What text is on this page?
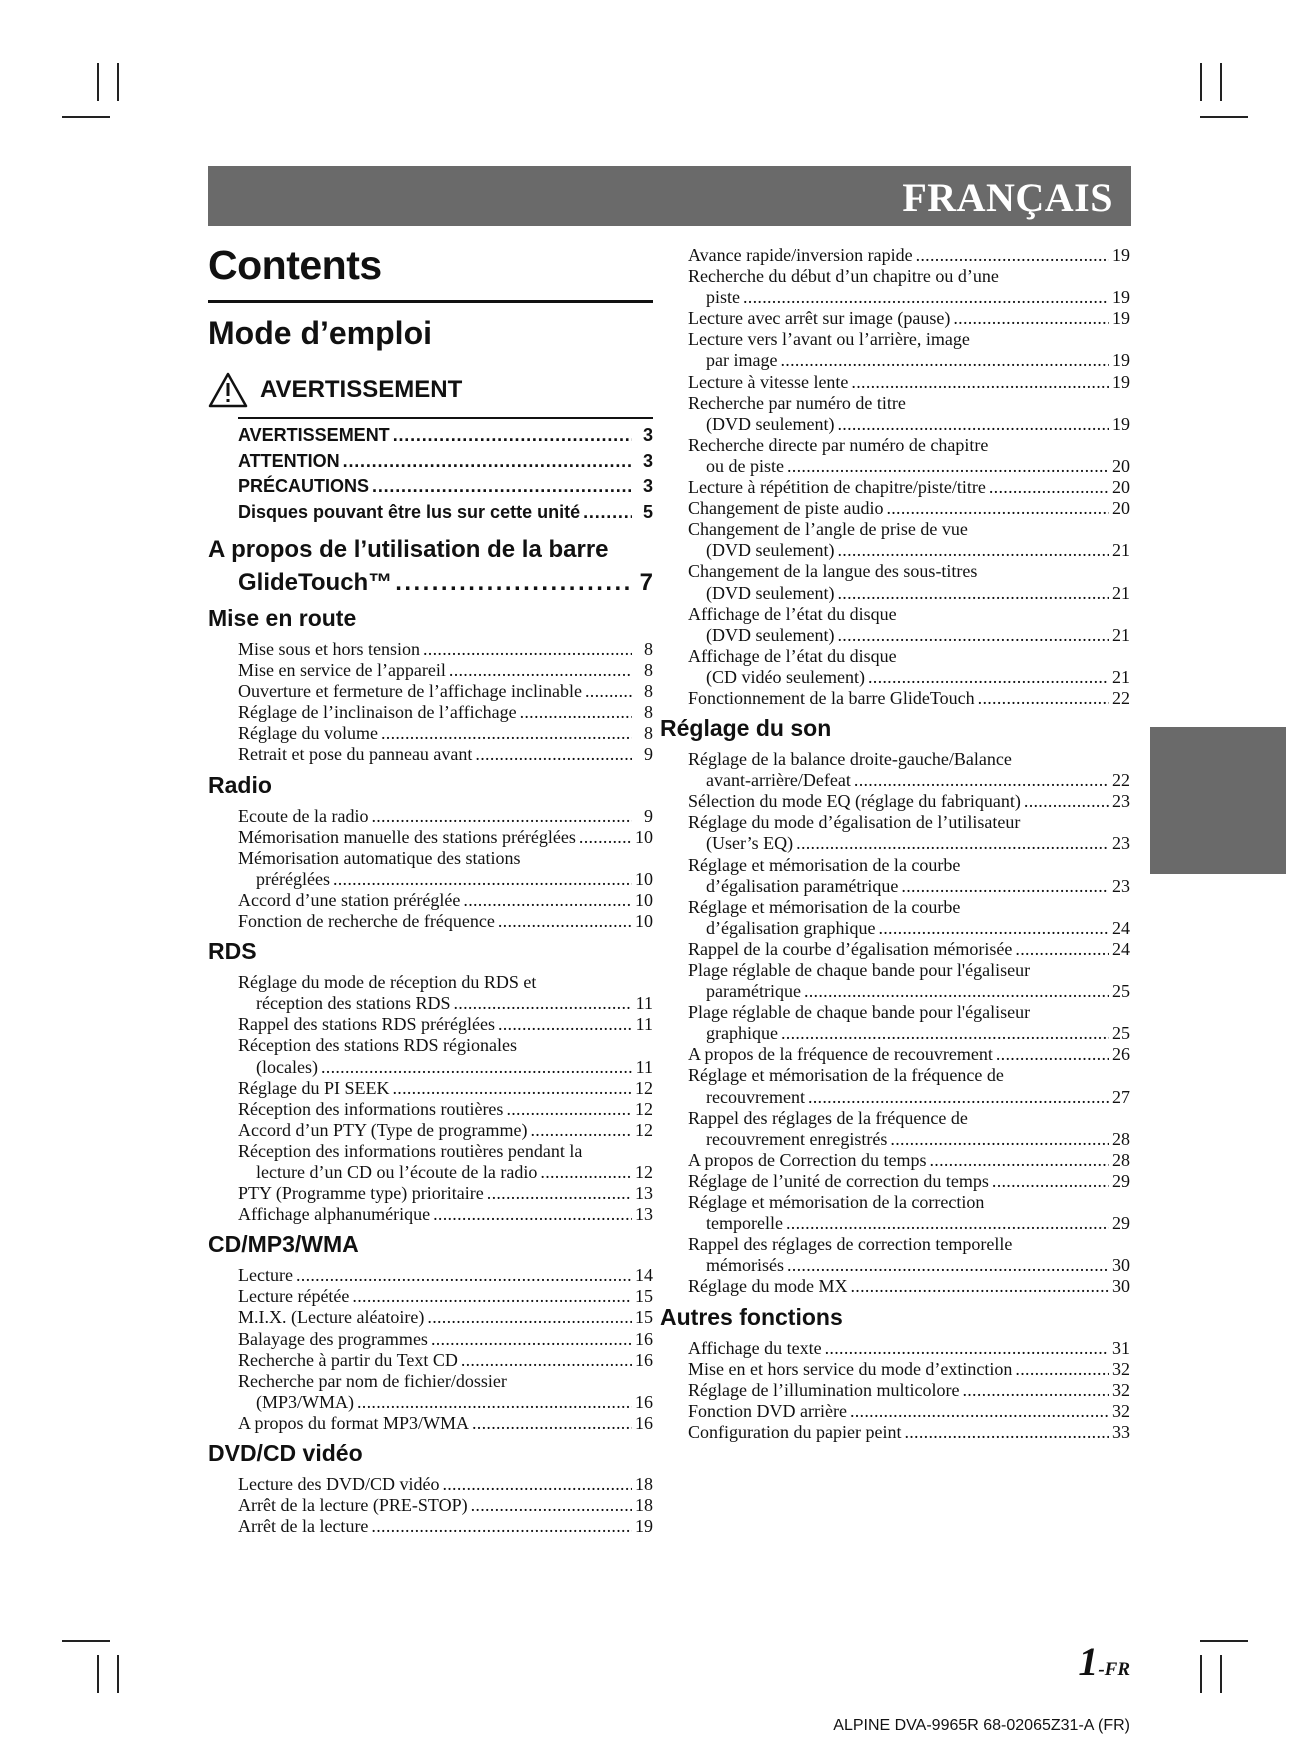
FRANÇAIS
Contents
Mode d’emploi
AVERTISSEMENT
AVERTISSEMENT . . .	3
ATTENTION . . .	3
PRÉCAUTIONS . . .	3
Disques pouvant être lus sur cette unité . . .	5
A propos de l’utilisation de la barre
GlideTouch™ . . .	7
Mise en route
Mise sous et hors tension . . .	8
Mise en service de l’appareil . . .	8
Ouverture et fermeture de l’affichage inclinable . . .	8
Réglage de l’inclinaison de l’affichage . . .	8
Réglage du volume . . .	8
Retrait et pose du panneau avant . . .	9
Radio
Ecoute de la radio . . .	9
Mémorisation manuelle des stations préréglées . . .	10
Mémorisation automatique des stations
préréglées . . .	10
Accord d’une station préréglée . . .	10
Fonction de recherche de fréquence . . .	10
RDS
Réglage du mode de réception du RDS et
réception des stations RDS . . .	11
Rappel des stations RDS préréglées . . .	11
Réception des stations RDS régionales
(locales) . . .	11
Réglage du PI SEEK . . .	12
Réception des informations routières . . .	12
Accord d’un PTY (Type de programme) . . .	12
Réception des informations routières pendant la
lecture d’un CD ou l’écoute de la radio . . .	12
PTY (Programme type) prioritaire . . .	13
Affichage alphanumérique . . .	13
CD/MP3/WMA
Lecture . . .	14
Lecture répétée . . .	15
M.I.X. (Lecture aléatoire) . . .	15
Balayage des programmes . . .	16
Recherche à partir du Text CD . . .	16
Recherche par nom de fichier/dossier
(MP3/WMA) . . .	16
A propos du format MP3/WMA . . .	16
DVD/CD vidéo
Lecture des DVD/CD vidéo . . .	18
Arrêt de la lecture (PRE-STOP) . . .	18
Arrêt de la lecture . . .	19
Avance rapide/inversion rapide . . .	19
Recherche du début d’un chapitre ou d’une
piste . . .	19
Lecture avec arrêt sur image (pause) . . .	19
Lecture vers l’avant ou l’arrière, image
par image . . .	19
Lecture à vitesse lente . . .	19
Recherche par numéro de titre
(DVD seulement) . . .	19
Recherche directe par numéro de chapitre
ou de piste . . .	20
Lecture à répétition de chapitre/piste/titre . . .	20
Changement de piste audio . . .	20
Changement de l’angle de prise de vue
(DVD seulement) . . .	21
Changement de la langue des sous-titres
(DVD seulement) . . .	21
Affichage de l’état du disque
(DVD seulement) . . .	21
Affichage de l’état du disque
(CD vidéo seulement) . . .	21
Fonctionnement de la barre GlideTouch . . .	22
Réglage du son
Réglage de la balance droite-gauche/Balance
avant-arrière/Defeat . . .	22
Sélection du mode EQ (réglage du fabriquant) . . .	23
Réglage du mode d’égalisation de l’utilisateur
(User’s EQ) . . .	23
Réglage et mémorisation de la courbe
d’égalisation paramétrique . . .	23
Réglage et mémorisation de la courbe
d’égalisation graphique . . .	24
Rappel de la courbe d’égalisation mémorisée . . .	24
Plage réglable de chaque bande pour l'égaliseur
paramétrique . . .	25
Plage réglable de chaque bande pour l'égaliseur
graphique . . .	25
A propos de la fréquence de recouvrement . . .	26
Réglage et mémorisation de la fréquence de
recouvrement . . .	27
Rappel des réglages de la fréquence de
recouvrement enregistrés . . .	28
A propos de Correction du temps . . .	28
Réglage de l’unité de correction du temps . . .	29
Réglage et mémorisation de la correction
temporelle . . .	29
Rappel des réglages de correction temporelle
mémorisés . . .	30
Réglage du mode MX . . .	30
Autres fonctions
Affichage du texte . . .	31
Mise en et hors service du mode d’extinction . . .	32
Réglage de l’illumination multicolore . . .	32
Fonction DVD arrière . . .	32
Configuration du papier peint . . .	33
1-FR
ALPINE DVA-9965R 68-02065Z31-A (FR)
